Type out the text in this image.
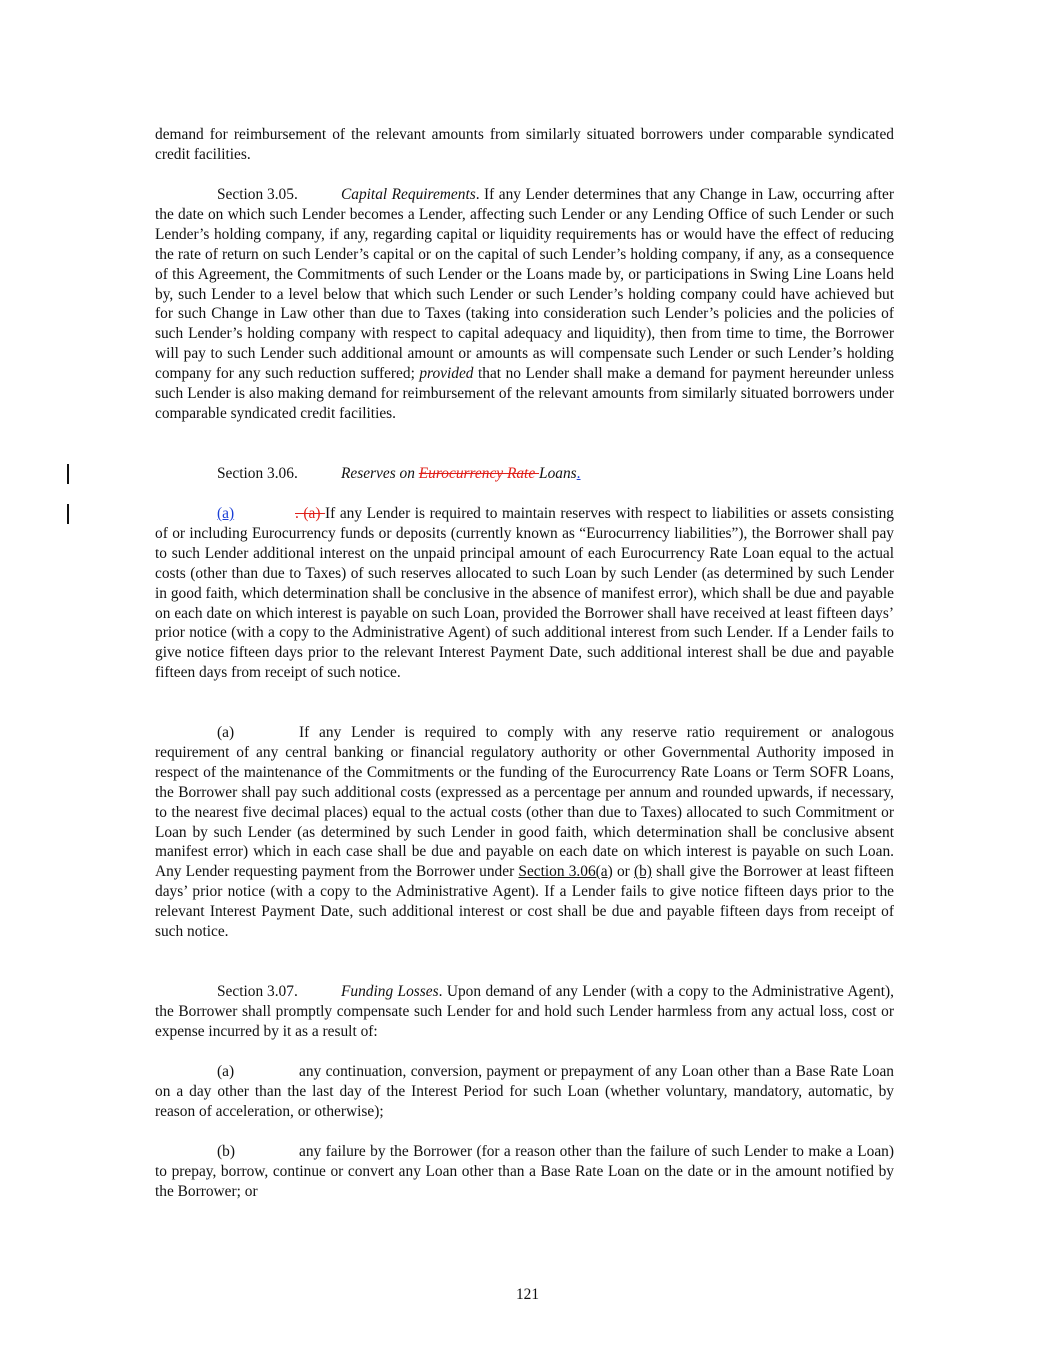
demand for reimbursement of the relevant amounts from similarly situated borrowers under comparable syndicated credit facilities.

Section 3.05.	Capital Requirements. If any Lender determines that any Change in Law, occurring after the date on which such Lender becomes a Lender, affecting such Lender or any Lending Office of such Lender or such Lender’s holding company, if any, regarding capital or liquidity requirements has or would have the effect of reducing the rate of return on such Lender’s capital or on the capital of such Lender’s holding company, if any, as a consequence of this Agreement, the Commitments of such Lender or the Loans made by, or participations in Swing Line Loans held by, such Lender to a level below that which such Lender or such Lender’s holding company could have achieved but for such Change in Law other than due to Taxes (taking into consideration such Lender’s policies and the policies of such Lender’s holding company with respect to capital adequacy and liquidity), then from time to time, the Borrower will pay to such Lender such additional amount or amounts as will compensate such Lender or such Lender’s holding company for any such reduction suffered; provided that no Lender shall make a demand for payment hereunder unless such Lender is also making demand for reimbursement of the relevant amounts from similarly situated borrowers under comparable syndicated credit facilities.

Section 3.06.	Reserves on Eurocurrency Rate Loans.

(a)	. (a) If any Lender is required to maintain reserves with respect to liabilities or assets consisting of or including Eurocurrency funds or deposits (currently known as “Eurocurrency liabilities”), the Borrower shall pay to such Lender additional interest on the unpaid principal amount of each Eurocurrency Rate Loan equal to the actual costs (other than due to Taxes) of such reserves allocated to such Loan by such Lender (as determined by such Lender in good faith, which determination shall be conclusive in the absence of manifest error), which shall be due and payable on each date on which interest is payable on such Loan, provided the Borrower shall have received at least fifteen days’ prior notice (with a copy to the Administrative Agent) of such additional interest from such Lender. If a Lender fails to give notice fifteen days prior to the relevant Interest Payment Date, such additional interest shall be due and payable fifteen days from receipt of such notice.

(a)	If any Lender is required to comply with any reserve ratio requirement or analogous requirement of any central banking or financial regulatory authority or other Governmental Authority imposed in respect of the maintenance of the Commitments or the funding of the Eurocurrency Rate Loans or Term SOFR Loans, the Borrower shall pay such additional costs (expressed as a percentage per annum and rounded upwards, if necessary, to the nearest five decimal places) equal to the actual costs (other than due to Taxes) allocated to such Commitment or Loan by such Lender (as determined by such Lender in good faith, which determination shall be conclusive absent manifest error) which in each case shall be due and payable on each date on which interest is payable on such Loan. Any Lender requesting payment from the Borrower under Section 3.06(a) or (b) shall give the Borrower at least fifteen days’ prior notice (with a copy to the Administrative Agent). If a Lender fails to give notice fifteen days prior to the relevant Interest Payment Date, such additional interest or cost shall be due and payable fifteen days from receipt of such notice.

Section 3.07.	Funding Losses. Upon demand of any Lender (with a copy to the Administrative Agent), the Borrower shall promptly compensate such Lender for and hold such Lender harmless from any actual loss, cost or expense incurred by it as a result of:

(a)	any continuation, conversion, payment or prepayment of any Loan other than a Base Rate Loan on a day other than the last day of the Interest Period for such Loan (whether voluntary, mandatory, automatic, by reason of acceleration, or otherwise);

(b)	any failure by the Borrower (for a reason other than the failure of such Lender to make a Loan) to prepay, borrow, continue or convert any Loan other than a Base Rate Loan on the date or in the amount notified by the Borrower; or

121
